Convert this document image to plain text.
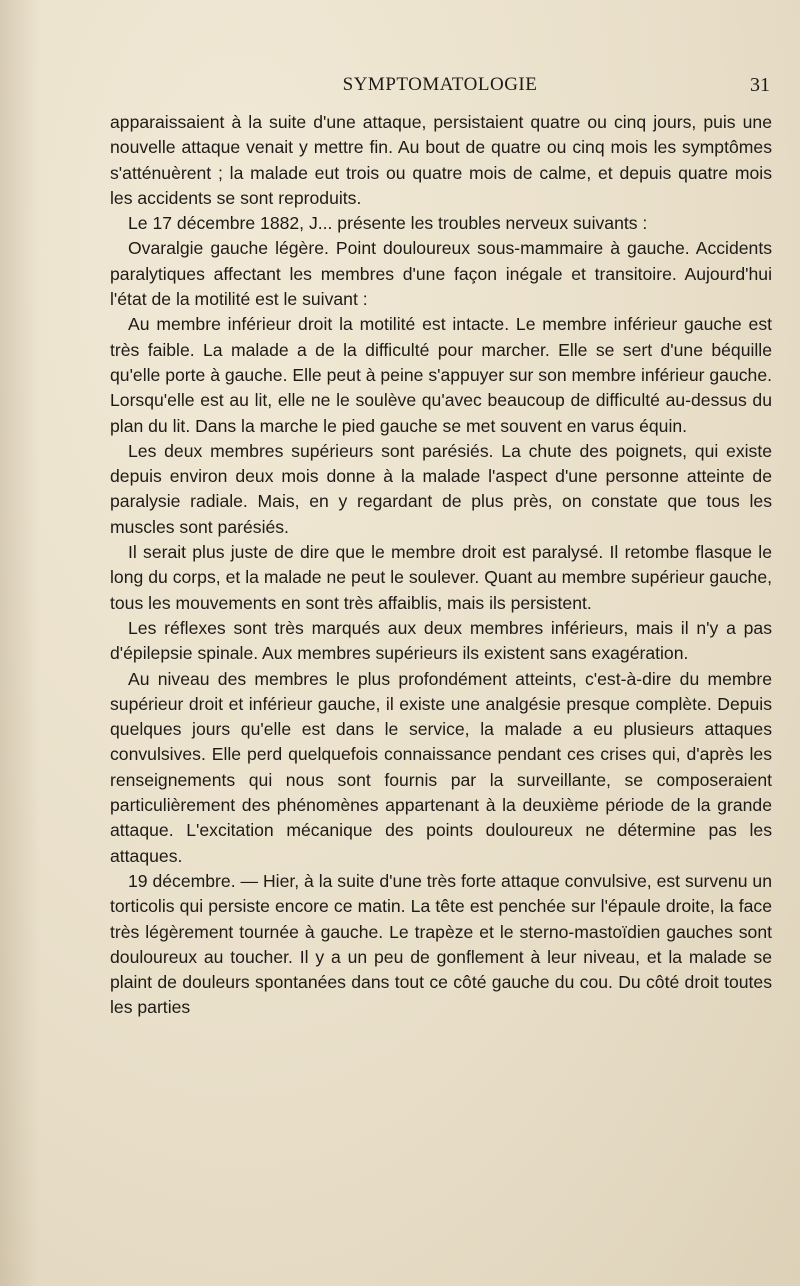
SYMPTOMATOLOGIE	31

apparaissaient à la suite d'une attaque, persistaient quatre ou cinq jours, puis une nouvelle attaque venait y mettre fin. Au bout de quatre ou cinq mois les symptômes s'atténuèrent ; la malade eut trois ou quatre mois de calme, et depuis quatre mois les accidents se sont reproduits.

Le 17 décembre 1882, J... présente les troubles nerveux suivants :

Ovaralgie gauche légère. Point douloureux sous-mammaire à gauche. Accidents paralytiques affectant les membres d'une façon inégale et transitoire. Aujourd'hui l'état de la motilité est le suivant :

Au membre inférieur droit la motilité est intacte. Le membre inférieur gauche est très faible. La malade a de la difficulté pour marcher. Elle se sert d'une béquille qu'elle porte à gauche. Elle peut à peine s'appuyer sur son membre inférieur gauche. Lorsqu'elle est au lit, elle ne le soulève qu'avec beaucoup de difficulté au-dessus du plan du lit. Dans la marche le pied gauche se met souvent en varus équin.

Les deux membres supérieurs sont parésiés. La chute des poignets, qui existe depuis environ deux mois donne à la malade l'aspect d'une personne atteinte de paralysie radiale. Mais, en y regardant de plus près, on constate que tous les muscles sont parésiés.

Il serait plus juste de dire que le membre droit est paralysé. Il retombe flasque le long du corps, et la malade ne peut le soulever. Quant au membre supérieur gauche, tous les mouvements en sont très affaiblis, mais ils persistent.

Les réflexes sont très marqués aux deux membres inférieurs, mais il n'y a pas d'épilepsie spinale. Aux membres supérieurs ils existent sans exagération.

Au niveau des membres le plus profondément atteints, c'est-à-dire du membre supérieur droit et inférieur gauche, il existe une analgésie presque complète. Depuis quelques jours qu'elle est dans le service, la malade a eu plusieurs attaques convulsives. Elle perd quelquefois connaissance pendant ces crises qui, d'après les renseignements qui nous sont fournis par la surveillante, se composeraient particulièrement des phénomènes appartenant à la deuxième période de la grande attaque. L'excitation mécanique des points douloureux ne détermine pas les attaques.

19 décembre. — Hier, à la suite d'une très forte attaque convulsive, est survenu un torticolis qui persiste encore ce matin. La tête est penchée sur l'épaule droite, la face très légèrement tournée à gauche. Le trapèze et le sterno-mastoïdien gauches sont douloureux au toucher. Il y a un peu de gonflement à leur niveau, et la malade se plaint de douleurs spontanées dans tout ce côté gauche du cou. Du côté droit toutes les parties
